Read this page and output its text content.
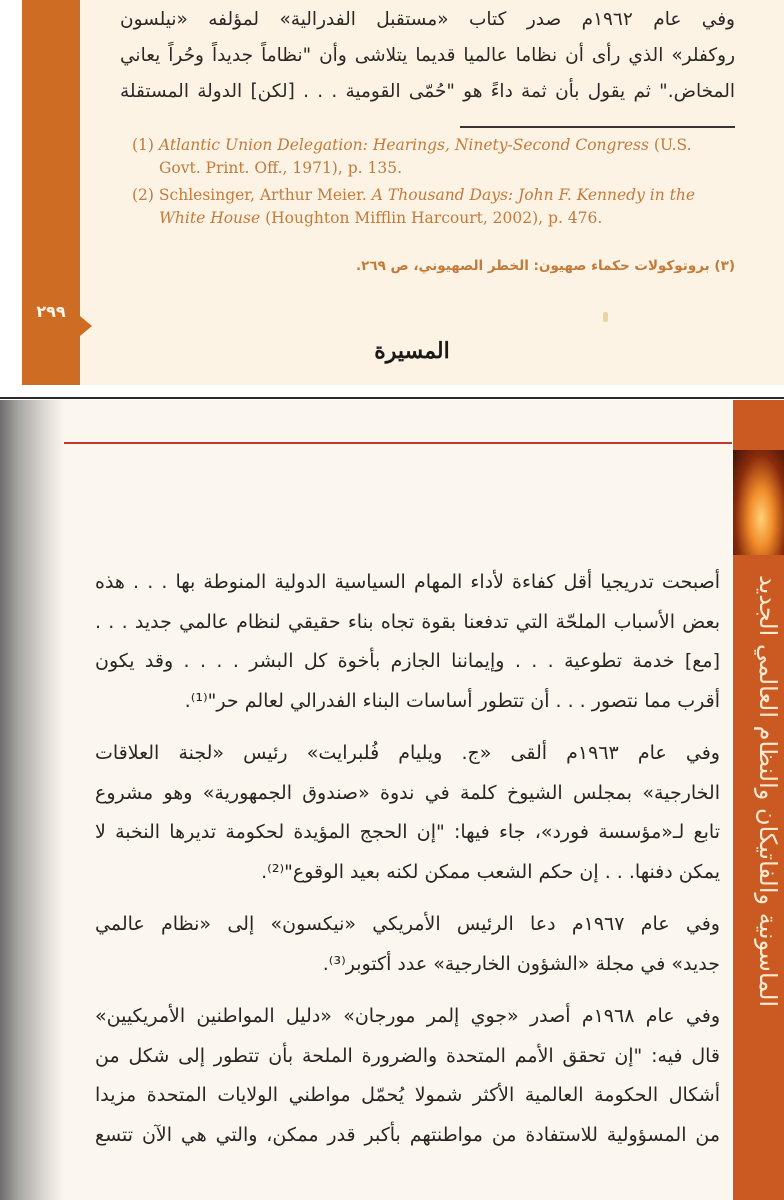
٢٩٩
وفي عام ١٩٦٢م صدر كتاب «مستقبل الفدرالية» لمؤلفه «نيلسون
روكفلر» الذي رأى أن نظاما عالميا قديما يتلاشى وأن "نظاماً جديداً وحُراً يعاني
المخاض." ثم يقول بأن ثمة داءً هو "حُمّى القومية . . . [لكن] الدولة المستقلة
(1) Atlantic Union Delegation: Hearings, Ninety-Second Congress (U.S.
Govt. Print. Off., 1971), p. 135.
(2) Schlesinger, Arthur Meier. A Thousand Days: John F. Kennedy in the
White House (Houghton Mifflin Harcourt, 2002), p. 476.
(٣) بروتوكولات حكماء صهيون: الخطر الصهيوني، ص ٢٦٩.
المسيرة
الماسونية والفاتيكان والنظام العالمي الجديد
أصبحت تدريجيا أقل كفاءة لأداء المهام السياسية الدولية المنوطة بها . . . هذه
بعض الأسباب الملحّة التي تدفعنا بقوة تجاه بناء حقيقي لنظام عالمي جديد . . .
[مع] خدمة تطوعية . . . وإيماننا الجازم بأخوة كل البشر . . . . وقد يكون
أقرب مما نتصور . . . أن تتطور أساسات البناء الفدرالي لعالم حر"⁽¹⁾.
وفي عام ١٩٦٣م ألقى «ج. ويليام فُلبرايت» رئيس «لجنة العلاقات
الخارجية» بمجلس الشيوخ كلمة في ندوة «صندوق الجمهورية» وهو مشروع
تابع لـ«مؤسسة فورد»، جاء فيها: "إن الحجج المؤيدة لحكومة تديرها النخبة لا
يمكن دفنها. . . إن حكم الشعب ممكن لكنه بعيد الوقوع"⁽²⁾.
وفي عام ١٩٦٧م دعا الرئيس الأمريكي «نيكسون» إلى «نظام عالمي
جديد» في مجلة «الشؤون الخارجية» عدد أكتوبر⁽³⁾.
وفي عام ١٩٦٨م أصدر «جوي إلمر مورجان» «دليل المواطنين الأمريكيين»
قال فيه: "إن تحقق الأمم المتحدة والضرورة الملحة بأن تتطور إلى شكل من
أشكال الحكومة العالمية الأكثر شمولا يُحمّل مواطني الولايات المتحدة مزيدا
من المسؤولية للاستفادة من مواطنتهم بأكبر قدر ممكن، والتي هي الآن تتسع
